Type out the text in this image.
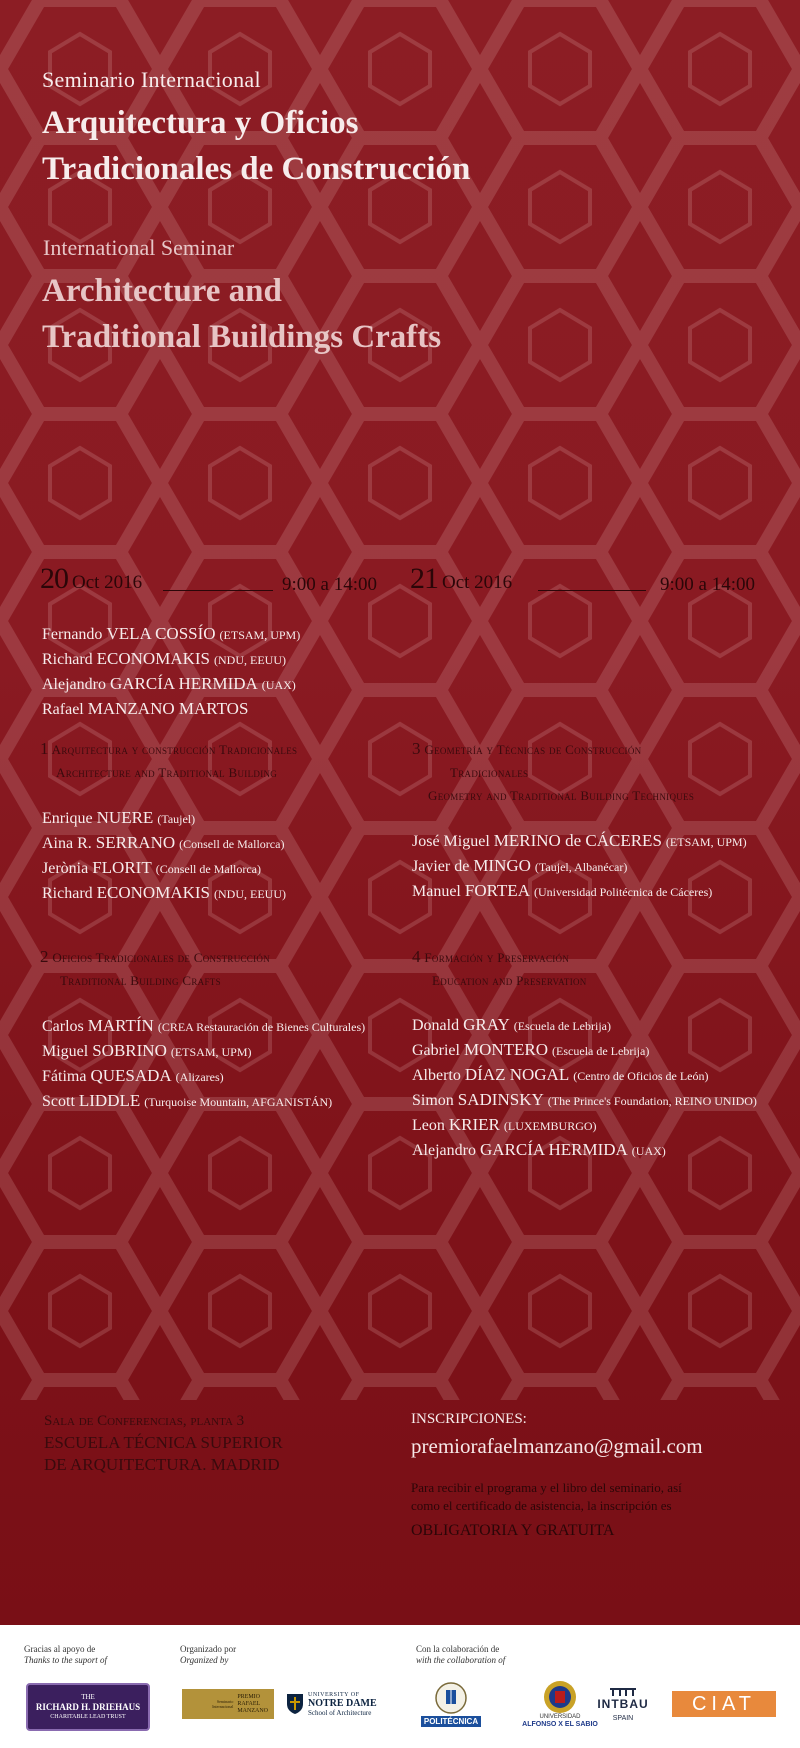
Seminario Internacional
Arquitectura y Oficios
Tradicionales de Construcción
International Seminar
Architecture and
Traditional Buildings Crafts
20 Oct 2016	9:00 a 14:00 21 Oct 2016	9:00 a 14:00
Fernando VELA COSSÍO (ETSAM, UPM)
Richard ECONOMAKIS (NDU, EEUU)
Alejandro GARCÍA HERMIDA (UAX)
Rafael MANZANO MARTOS
1 Arquitectura y construcción Tradicionales
Architecture and Traditional Building
Enrique NUERE (Taujel)
Aina R. SERRANO (Consell de Mallorca)
Jerònia FLORIT (Consell de Mallorca)
Richard ECONOMAKIS (NDU, EEUU)
2 Oficios Tradicionales de Construcción
Traditional Building Crafts
Carlos MARTÍN (CREA Restauración de Bienes Culturales)
Miguel SOBRINO (ETSAM, UPM)
Fátima QUESADA (Alizares)
Scott LIDDLE (Turquoise Mountain, AFGANISTÁN)
3 Geometría y Técnicas de Construcción
Tradicionales
Geometry and Traditional Building Techniques
José Miguel MERINO de CÁCERES (ETSAM, UPM)
Javier de MINGO (Taujel, Albanécar)
Manuel FORTEA (Universidad Politécnica de Cáceres)
4 Formación y Preservación
Education and Preservation
Donald GRAY (Escuela de Lebrija)
Gabriel MONTERO (Escuela de Lebrija)
Alberto DÍAZ NOGAL (Centro de Oficios de León)
Simon SADINSKY (The Prince's Foundation, REINO UNIDO)
Leon KRIER (LUXEMBURGO)
Alejandro GARCÍA HERMIDA (UAX)
Sala de Conferencias, planta 3
ESCUELA TÉCNICA SUPERIOR
DE ARQUITECTURA. MADRID
INSCRIPCIONES:
premiorafaelmanzano@gmail.com
Para recibir el programa y el libro del seminario, así
como el certificado de asistencia, la inscripción es
OBLIGATORIA Y GRATUITA
Gracias al apoyo de
Thanks to the suport of
Organizado por
Organized by
Con la colaboración de
with the collaboration of
THE
RICHARD H. DRIEHAUS
CHARITABLE LEAD TRUST
Seminario Internacional
PREMIO
RAFAEL
MANZANO
UNIVERSITY OF
NOTRE DAME
School of Architecture
POLITÉCNICA	UNIVERSIDAD
ALFONSO X EL SABIO
INTBAU
SPAIN
CIAT
